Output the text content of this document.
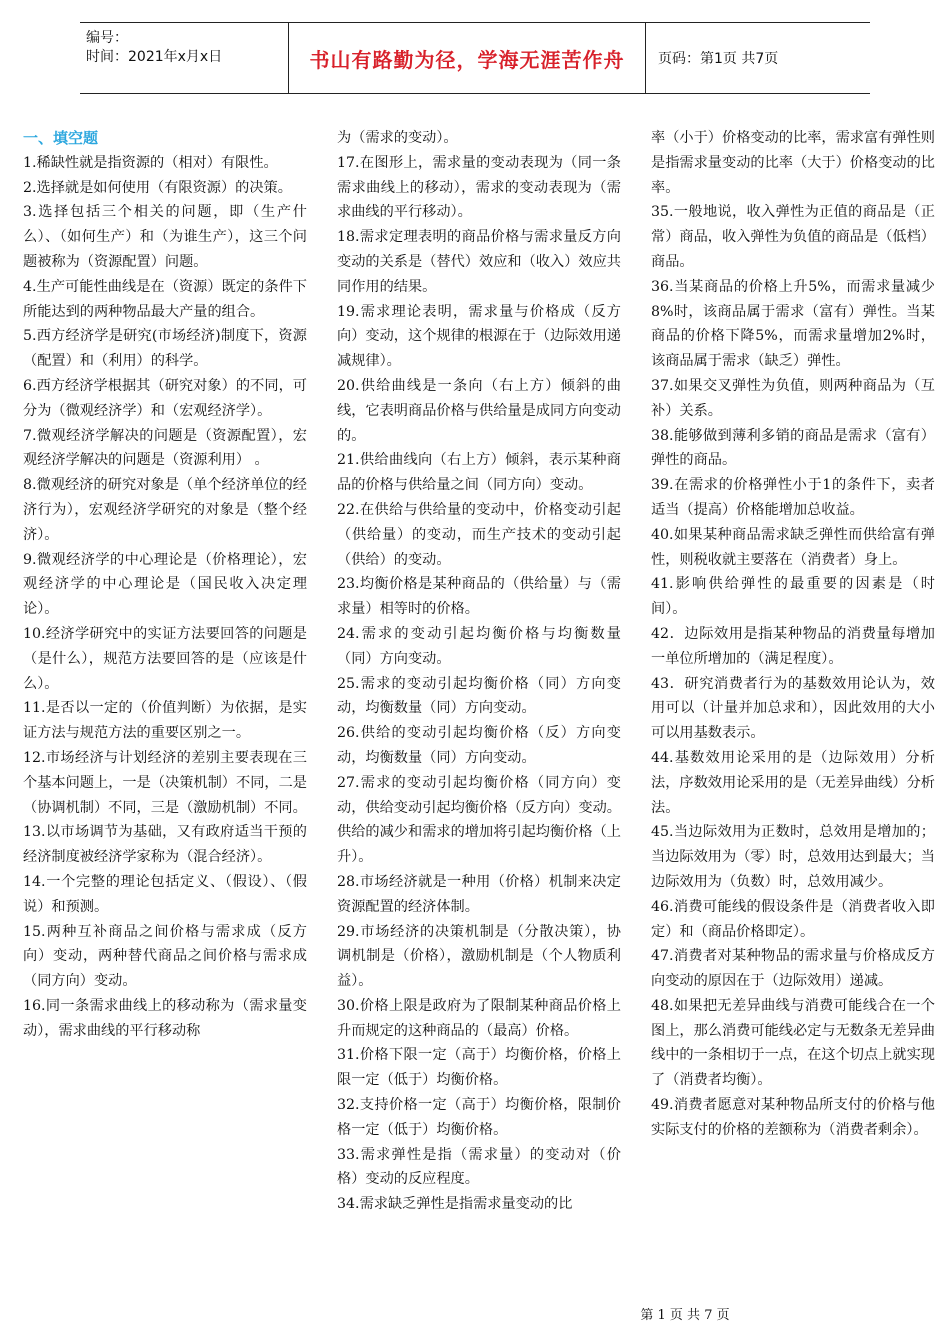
编号：
时间：2021年x月x日	书山有路勤为径，学海无涯苦作舟	页码：第1页 共7页
一、填空题

1.稀缺性就是指资源的（相对）有限性。

2.选择就是如何使用（有限资源）的决策。

3.选择包括三个相关的问题，即（生产什么）、（如何生产）和（为谁生产），这三个问题被称为（资源配置）问题。

4.生产可能性曲线是在（资源）既定的条件下所能达到的两种物品最大产量的组合。

5.西方经济学是研究(市场经济)制度下，资源（配置）和（利用）的科学。

6.西方经济学根据其（研究对象）的不同，可分为（微观经济学）和（宏观经济学）。

7.微观经济学解决的问题是（资源配置），宏观经济学解决的问题是（资源利用） 。

8.微观经济的研究对象是（单个经济单位的经济行为），宏观经济学研究的对象是（整个经济）。

9.微观经济学的中心理论是（价格理论），宏观经济学的中心理论是（国民收入决定理论）。

10.经济学研究中的实证方法要回答的问题是（是什么），规范方法要回答的是（应该是什么）。

11.是否以一定的（价值判断）为依据，是实证方法与规范方法的重要区别之一。

12.市场经济与计划经济的差别主要表现在三个基本问题上，一是（决策机制）不同，二是（协调机制）不同，三是（激励机制）不同。

13.以市场调节为基础，又有政府适当干预的经济制度被经济学家称为（混合经济）。

14.一个完整的理论包括定义、（假设）、（假说）和预测。

15.两种互补商品之间价格与需求成（反方向）变动，两种替代商品之间价格与需求成（同方向）变动。

16.同一条需求曲线上的移动称为（需求量变动），需求曲线的平行移动称

为（需求的变动）。

17.在图形上，需求量的变动表现为（同一条需求曲线上的移动），需求的变动表现为（需求曲线的平行移动）。

18.需求定理表明的商品价格与需求量反方向变动的关系是（替代）效应和（收入）效应共同作用的结果。

19.需求理论表明，需求量与价格成（反方向）变动，这个规律的根源在于（边际效用递减规律）。

20.供给曲线是一条向（右上方）倾斜的曲线，它表明商品价格与供给量是成同方向变动的。

21.供给曲线向（右上方）倾斜，表示某种商品的价格与供给量之间（同方向）变动。

22.在供给与供给量的变动中，价格变动引起（供给量）的变动，而生产技术的变动引起（供给）的变动。

23.均衡价格是某种商品的（供给量）与（需求量）相等时的价格。

24.需求的变动引起均衡价格与均衡数量（同）方向变动。

25.需求的变动引起均衡价格（同）方向变动，均衡数量（同）方向变动。

26.供给的变动引起均衡价格（反）方向变动，均衡数量（同）方向变动。

27.需求的变动引起均衡价格（同方向）变动，供给变动引起均衡价格（反方向）变动。供给的减少和需求的增加将引起均衡价格（上升）。

28.市场经济就是一种用（价格）机制来决定资源配置的经济体制。

29.市场经济的决策机制是（分散决策），协调机制是（价格），激励机制是（个人物质利益）。

30.价格上限是政府为了限制某种商品价格上升而规定的这种商品的（最高）价格。

31.价格下限一定（高于）均衡价格，价格上限一定（低于）均衡价格。

32.支持价格一定（高于）均衡价格，限制价格一定（低于）均衡价格。

33.需求弹性是指（需求量）的变动对（价格）变动的反应程度。

34.需求缺乏弹性是指需求量变动的比

率（小于）价格变动的比率，需求富有弹性则是指需求量变动的比率（大于）价格变动的比率。

35.一般地说，收入弹性为正值的商品是（正常）商品，收入弹性为负值的商品是（低档）商品。

36.当某商品的价格上升5%，而需求量减少8%时，该商品属于需求（富有）弹性。当某商品的价格下降5%，而需求量增加2%时，该商品属于需求（缺乏）弹性。

37.如果交叉弹性为负值，则两种商品为（互补）关系。

38.能够做到薄利多销的商品是需求（富有）弹性的商品。

39.在需求的价格弹性小于1的条件下，卖者适当（提高）价格能增加总收益。

40.如果某种商品需求缺乏弹性而供给富有弹性，则税收就主要落在（消费者）身上。

41.影响供给弹性的最重要的因素是（时间）。

42．边际效用是指某种物品的消费量每增加一单位所增加的（满足程度）。

43．研究消费者行为的基数效用论认为，效用可以（计量并加总求和），因此效用的大小可以用基数表示。

44.基数效用论采用的是（边际效用）分析法，序数效用论采用的是（无差异曲线）分析法。

45.当边际效用为正数时，总效用是增加的；当边际效用为（零）时，总效用达到最大；当边际效用为（负数）时，总效用减少。

46.消费可能线的假设条件是（消费者收入即定）和（商品价格即定）。

47.消费者对某种物品的需求量与价格成反方向变动的原因在于（边际效用）递减。

48.如果把无差异曲线与消费可能线合在一个图上，那么消费可能线必定与无数条无差异曲线中的一条相切于一点，在这个切点上就实现了（消费者均衡）。

49.消费者愿意对某种物品所支付的价格与他实际支付的价格的差额称为（消费者剩余）。

第 1 页 共 7 页
